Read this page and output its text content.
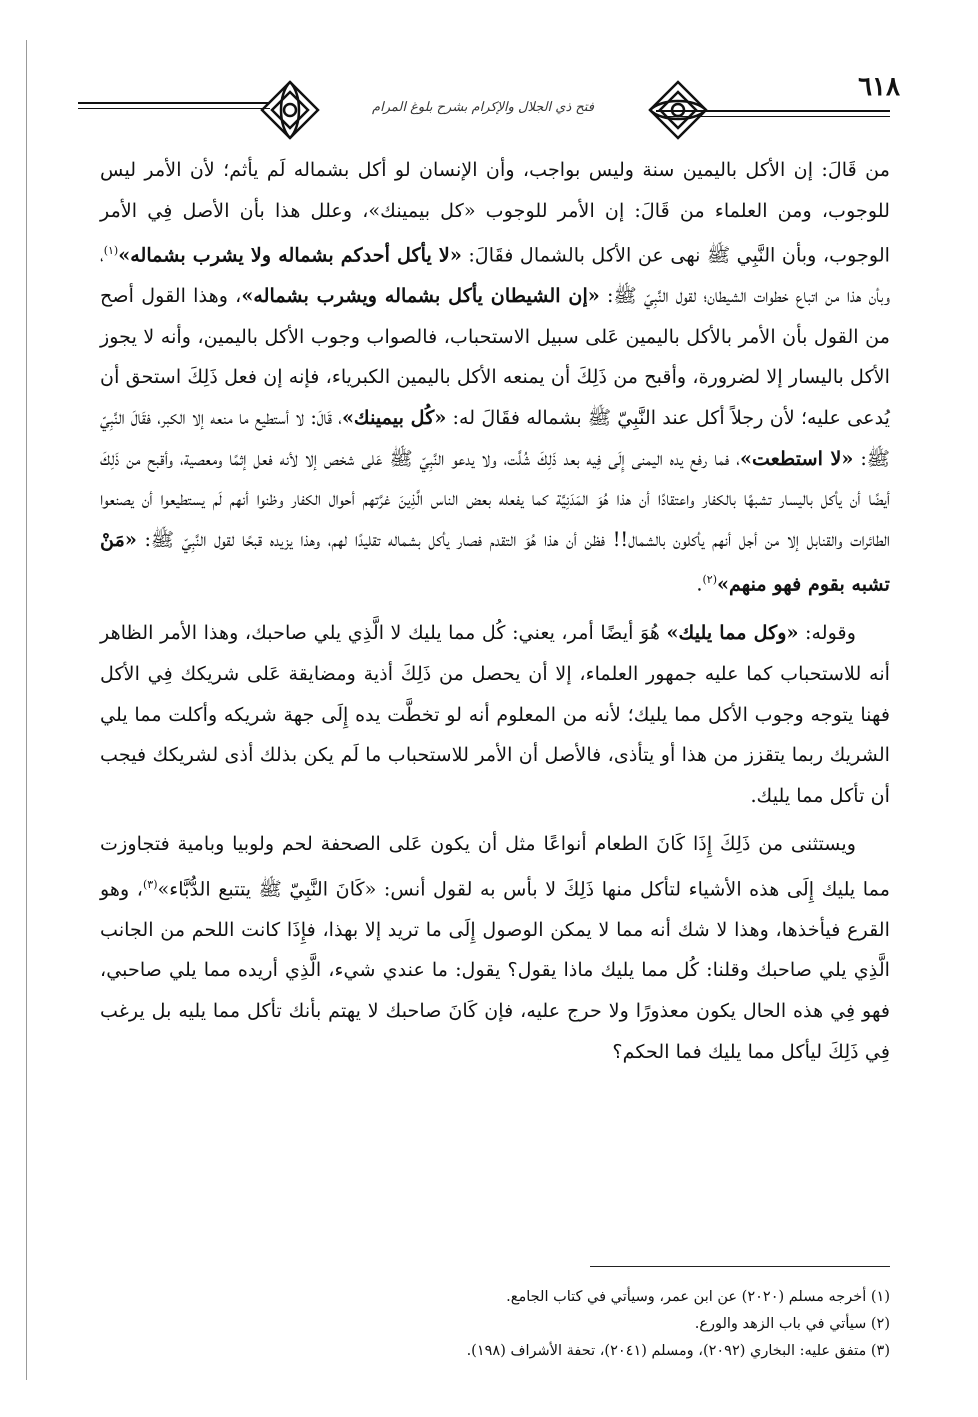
٦١٨
فتح ذي الجلال والإكرام بشرح بلوغ المرام

من قَالَ: إن الأكل باليمين سنة وليس بواجب، وأن الإنسان لو أكل بشماله لَم يأثم؛ لأن الأمر ليس للوجوب، ومن العلماء من قَالَ: إن الأمر للوجوب «كل بيمينك»، وعلل هذا بأن الأصل فِي الأمر الوجوب، وبأن النَّبِي ﷺ نهى عن الأكل بالشمال فقَالَ: «لا يأكل أحدكم بشماله ولا يشرب بشماله»$^{(١)}$، وبأن هذا من اتباع خطوات الشيطان؛ لقول النَّبِيّ ﷺ: «إن الشيطان يأكل بشماله ويشرب بشماله»، وهذا القول أصح من القول بأن الأمر بالأكل باليمين عَلى سبيل الاستحباب، فالصواب وجوب الأكل باليمين، وأنه لا يجوز الأكل باليسار إلا لضرورة، وأقبح من ذَلِكَ أن يمنعه الأكل باليمين الكبرياء، فإنه إن فعل ذَلِكَ استحق أن يُدعى عليه؛ لأن رجلاً أكل عند النَّبِيّ ﷺ بشماله فقَالَ له: «كُل بيمينك»، قَالَ: لا أستطيع ما منعه إلا الكبر، فقَالَ النَّبِيّ ﷺ: «لا استطعت»، فما رفع يده اليمنى إِلَى فِيه بعد ذَلِكَ شُلَّت، ولا يدعو النَّبِيّ ﷺ عَلى شخص إلا لأنه فعل إثمًا ومعصية، وأقبح من ذَلِكَ أيضًا أن يأكل باليسار تشبهًا بالكفار واعتقادًا أن هذا هُوَ المَدَنِيَّة كما يفعله بعض الناس الَّذِينَ غرَّتهم أحوال الكفار وظنوا أنهم لَم يستطيعوا أن يصنعوا الطائرات والقنابل إلا من أجل أنهم يأكلون بالشمال!! فظن أن هذا هُوَ التقدم فصار يأكل بشماله تقليدًا لهم، وهذا يزيده قبحًا لقول النَّبِيّ ﷺ: «مَنْ تشبه بقوم فهو منهم»$^{(٢)}$.

وقوله: «وكل مما يليك» هُوَ أيضًا أمر، يعني: كُل مما يليك لا الَّذِي يلي صاحبك، وهذا الأمر الظاهر أنه للاستحباب كما عليه جمهور العلماء، إلا أن يحصل من ذَلِكَ أذية ومضايقة عَلى شريكك فِي الأكل فهنا يتوجه وجوب الأكل مما يليك؛ لأنه من المعلوم أنه لو تخطَّت يده إِلَى جهة شريكه وأكلت مما يلي الشريك ربما يتقزز من هذا أو يتأذى، فالأصل أن الأمر للاستحباب ما لَم يكن بذلك أذى لشريكك فيجب أن تأكل مما يليك.

ويستثنى من ذَلِكَ إِذَا كَانَ الطعام أنواعًا مثل أن يكون عَلى الصحفة لحم ولوبيا وبامية فتجاوزت مما يليك إِلَى هذه الأشياء لتأكل منها ذَلِكَ لا بأس به لقول أنس: «كَانَ النَّبِيّ ﷺ يتتبع الدُّبَّاء»$^{(٣)}$، وهو القرع فيأخذها، وهذا لا شك أنه مما لا يمكن الوصول إِلَى ما تريد إلا بهذا، فإِذَا كانت اللحم من الجانب الَّذِي يلي صاحبك وقلنا: كُل مما يليك ماذا يقول؟ يقول: ما عندي شيء، الَّذِي أريده مما يلي صاحبي، فهو فِي هذه الحال يكون معذورًا ولا حرج عليه، فإن كَانَ صاحبك لا يهتم بأنك تأكل مما يليه بل يرغب فِي ذَلِكَ ليأكل مما يليك فما الحكم؟

(١) أخرجه مسلم (٢٠٢٠) عن ابن عمر، وسيأتي في كتاب الجامع.
(٢) سيأتي في باب الزهد والورع.
(٣) متفق عليه: البخاري (٢٠٩٢)، ومسلم (٢٠٤١)، تحفة الأشراف (١٩٨).
